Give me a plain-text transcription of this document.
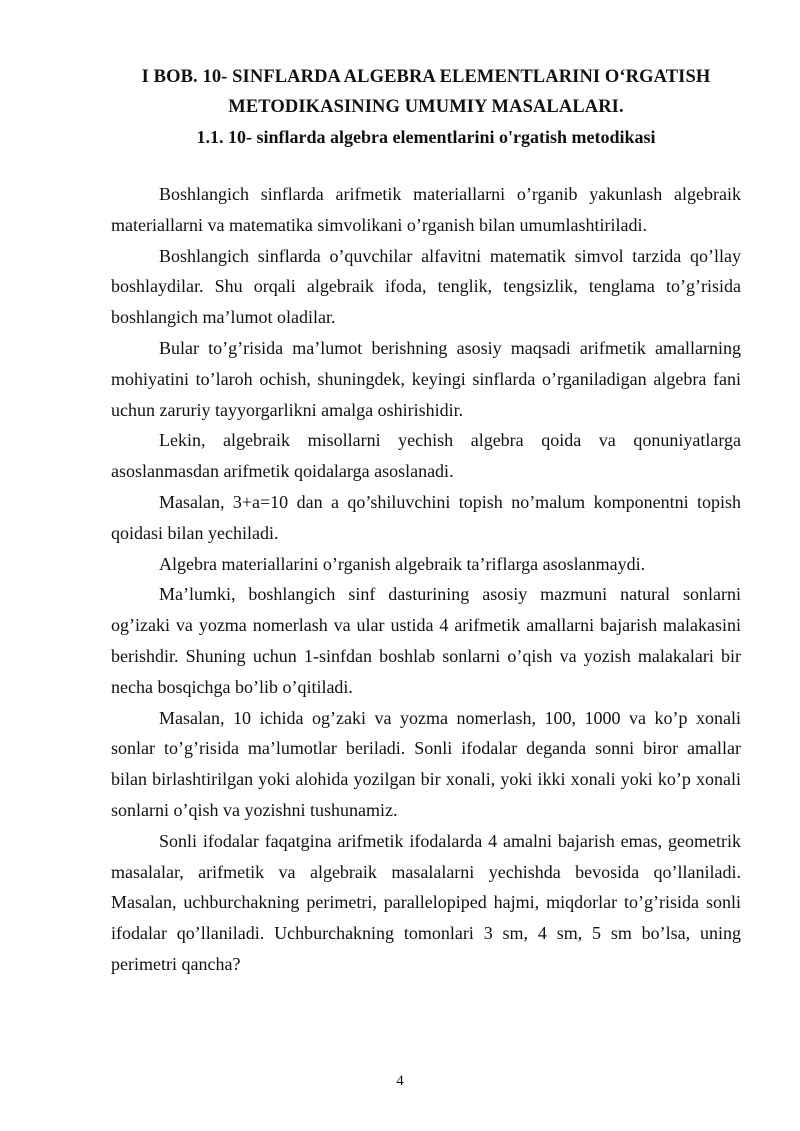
I BOB. 10- SINFLARDA ALGEBRA ELEMENTLARINI O‘RGATISH

METODIKASINING UMUMIY MASALALARI.

1.1. 10- sinflarda algebra elementlarini o'rgatish metodikasi

Boshlangich sinflarda arifmetik materiallarni o’rganib yakunlash algebraik materiallarni va matematika simvolikani o’rganish bilan umumlashtiriladi.

Boshlangich sinflarda o’quvchilar alfavitni matematik simvol tarzida qo’llay boshlaydilar. Shu orqali algebraik ifoda, tenglik, tengsizlik, tenglama to’g’risida boshlangich ma’lumot oladilar.

Bular to’g’risida ma’lumot berishning asosiy maqsadi arifmetik amallarning mohiyatini to’laroh ochish, shuningdek, keyingi sinflarda o’rganiladigan algebra fani uchun zaruriy tayyorgarlikni amalga oshirishidir.

Lekin, algebraik misollarni yechish algebra qoida va qonuniyatlarga asoslanmasdan arifmetik qoidalarga asoslanadi.

Masalan, 3+a=10 dan a qo’shiluvchini topish no’malum komponentni topish qoidasi bilan yechiladi.

Algebra materiallarini o’rganish algebraik ta’riflarga asoslanmaydi.

Ma’lumki, boshlangich sinf dasturining asosiy mazmuni natural sonlarni og’izaki va yozma nomerlash va ular ustida 4 arifmetik amallarni bajarish malakasini berishdir. Shuning uchun 1-sinfdan boshlab sonlarni o’qish va yozish malakalari bir necha bosqichga bo’lib o’qitiladi.

Masalan, 10 ichida og’zaki va yozma nomerlash, 100, 1000 va ko’p xonali sonlar to’g’risida ma’lumotlar beriladi. Sonli ifodalar deganda sonni biror amallar bilan birlashtirilgan yoki alohida yozilgan bir xonali, yoki ikki xonali yoki ko’p xonali sonlarni o’qish va yozishni tushunamiz.

Sonli ifodalar faqatgina arifmetik ifodalarda 4 amalni bajarish emas, geometrik masalalar, arifmetik va algebraik masalalarni yechishda bevosida qo’llaniladi. Masalan, uchburchakning perimetri, parallelopiped hajmi, miqdorlar to’g’risida sonli ifodalar qo’llaniladi. Uchburchakning tomonlari 3 sm, 4 sm, 5 sm bo’lsa, uning perimetri qancha?

4
